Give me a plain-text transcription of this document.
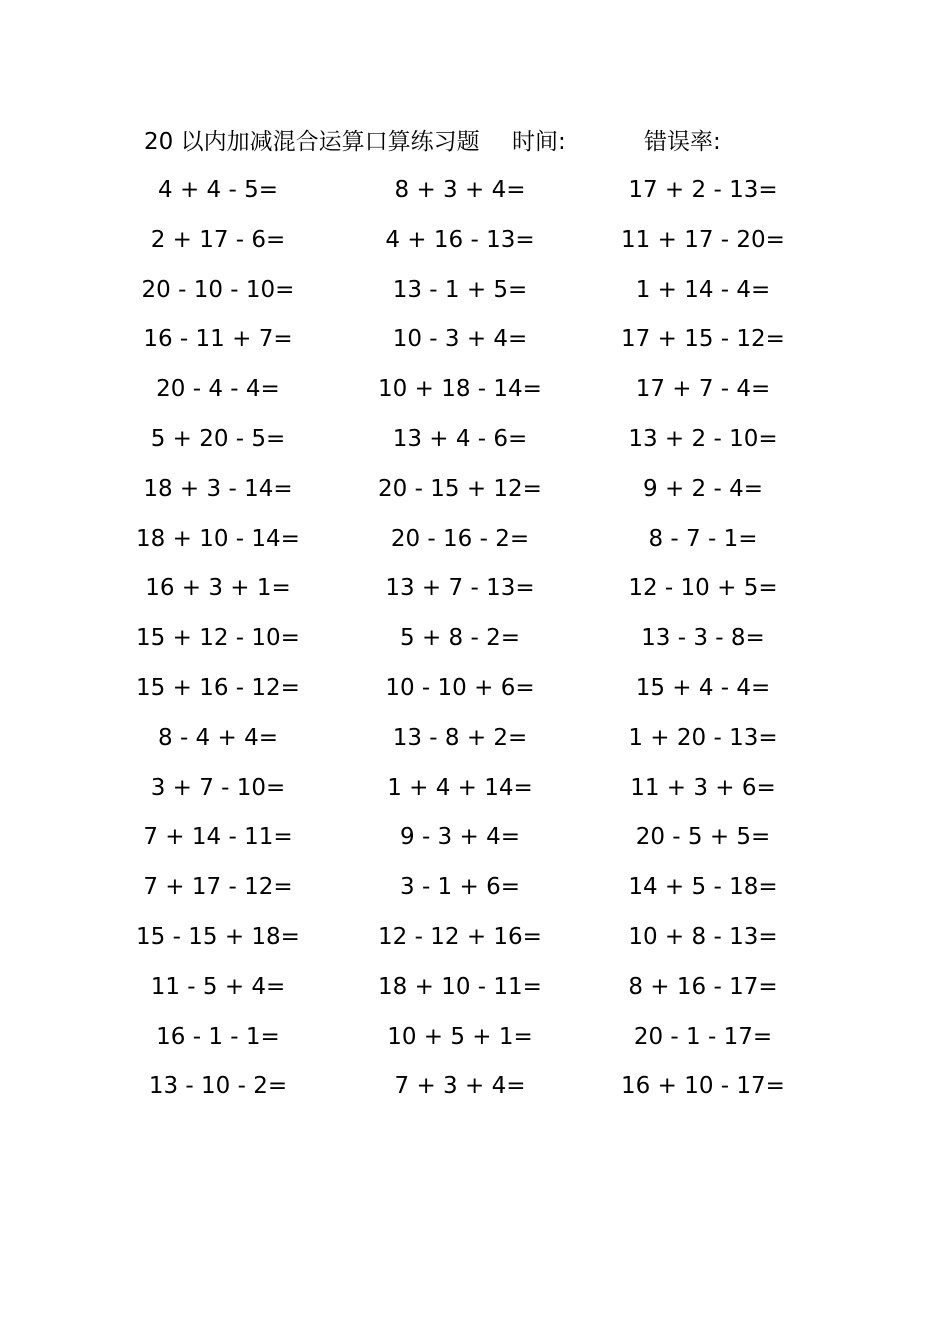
20 以内加减混合运算口算练习题 时间:	错误率:
4 + 4 - 5=	8 + 3 + 4=	17 + 2 - 13=
2 + 17 - 6=	4 + 16 - 13=	11 + 17 - 20=
20 - 10 - 10=	13 - 1 + 5=	1 + 14 - 4=
16 - 11 + 7=	10 - 3 + 4=	17 + 15 - 12=
20 - 4 - 4=	10 + 18 - 14=	17 + 7 - 4=
5 + 20 - 5=	13 + 4 - 6=	13 + 2 - 10=
18 + 3 - 14=	20 - 15 + 12=	9 + 2 - 4=
18 + 10 - 14=	20 - 16 - 2=	8 - 7 - 1=
16 + 3 + 1=	13 + 7 - 13=	12 - 10 + 5=
15 + 12 - 10=	5 + 8 - 2=	13 - 3 - 8=
15 + 16 - 12=	10 - 10 + 6=	15 + 4 - 4=
8 - 4 + 4=	13 - 8 + 2=	1 + 20 - 13=
3 + 7 - 10=	1 + 4 + 14=	11 + 3 + 6=
7 + 14 - 11=	9 - 3 + 4=	20 - 5 + 5=
7 + 17 - 12=	3 - 1 + 6=	14 + 5 - 18=
15 - 15 + 18=	12 - 12 + 16=	10 + 8 - 13=
11 - 5 + 4=	18 + 10 - 11=	8 + 16 - 17=
16 - 1 - 1=	10 + 5 + 1=	20 - 1 - 17=
13 - 10 - 2=	7 + 3 + 4=	16 + 10 - 17=
